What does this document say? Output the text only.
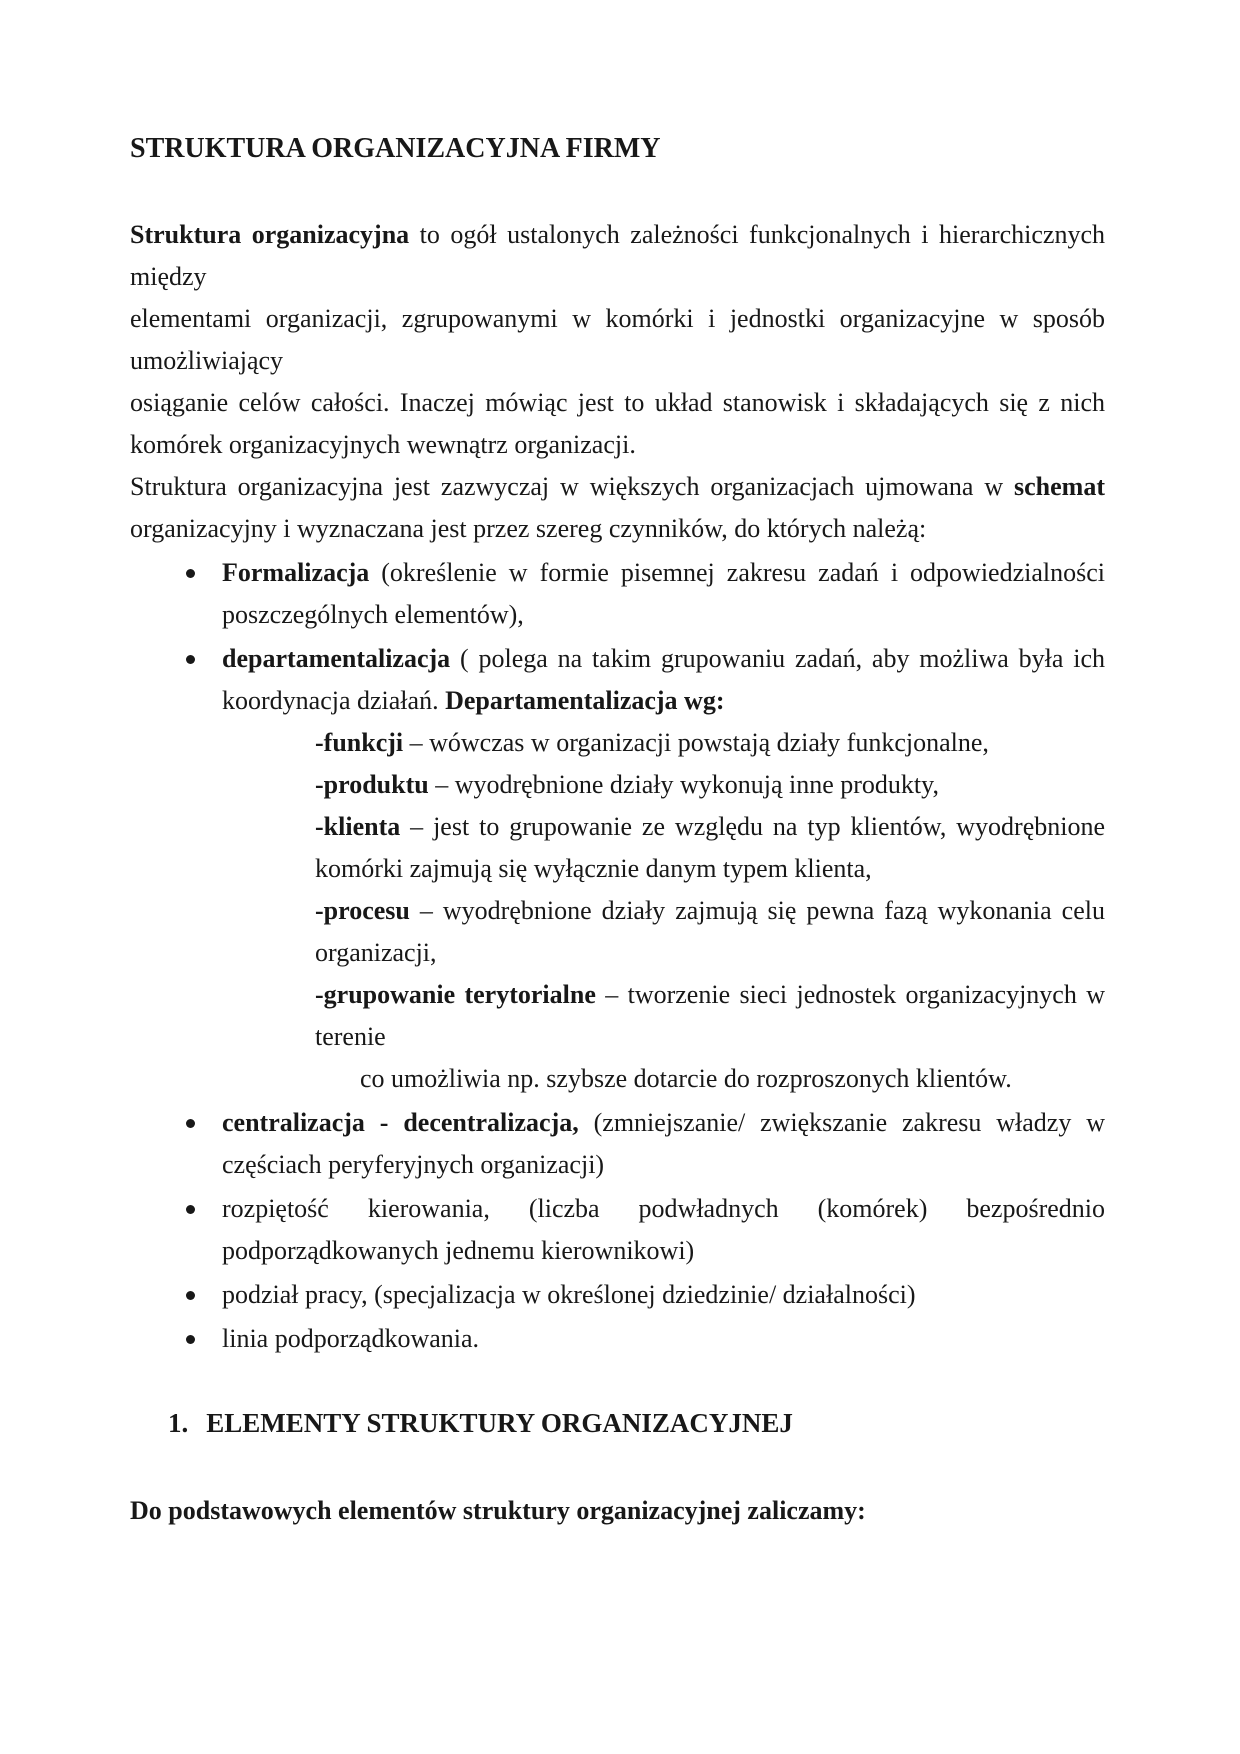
STRUKTURA ORGANIZACYJNA FIRMY
Struktura organizacyjna to ogół ustalonych zależności funkcjonalnych i hierarchicznych
między
elementami organizacji, zgrupowanymi w komórki i jednostki organizacyjne w sposób
umożliwiający
osiąganie celów całości. Inaczej mówiąc jest to układ stanowisk i składających się z nich
komórek organizacyjnych wewnątrz organizacji.
Struktura organizacyjna jest zazwyczaj w większych organizacjach ujmowana w schemat
organizacyjny i wyznaczana jest przez szereg czynników, do których należą:
Formalizacja (określenie w formie pisemnej zakresu zadań i odpowiedzialności
poszczególnych elementów),
departamentalizacja ( polega na takim grupowaniu zadań, aby możliwa była ich
koordynacja działań. Departamentalizacja wg:
-funkcji – wówczas w organizacji powstają działy funkcjonalne,
-produktu – wyodrębnione działy wykonują inne produkty,
-klienta – jest to grupowanie ze względu na typ klientów, wyodrębnione
komórki zajmują się wyłącznie danym typem klienta,
-procesu – wyodrębnione działy zajmują się pewna fazą wykonania celu
organizacji,
-grupowanie terytorialne – tworzenie sieci jednostek organizacyjnych w terenie
co umożliwia np. szybsze dotarcie do rozproszonych klientów.
centralizacja - decentralizacja, (zmniejszanie/ zwiększanie zakresu władzy w
częściach peryferyjnych organizacji)
rozpiętość kierowania, (liczba podwładnych (komórek) bezpośrednio
podporządkowanych jednemu kierownikowi)
podział pracy, (specjalizacja w określonej dziedzinie/ działalności)
linia podporządkowania.
1. ELEMENTY STRUKTURY ORGANIZACYJNEJ
Do podstawowych elementów struktury organizacyjnej zaliczamy:
